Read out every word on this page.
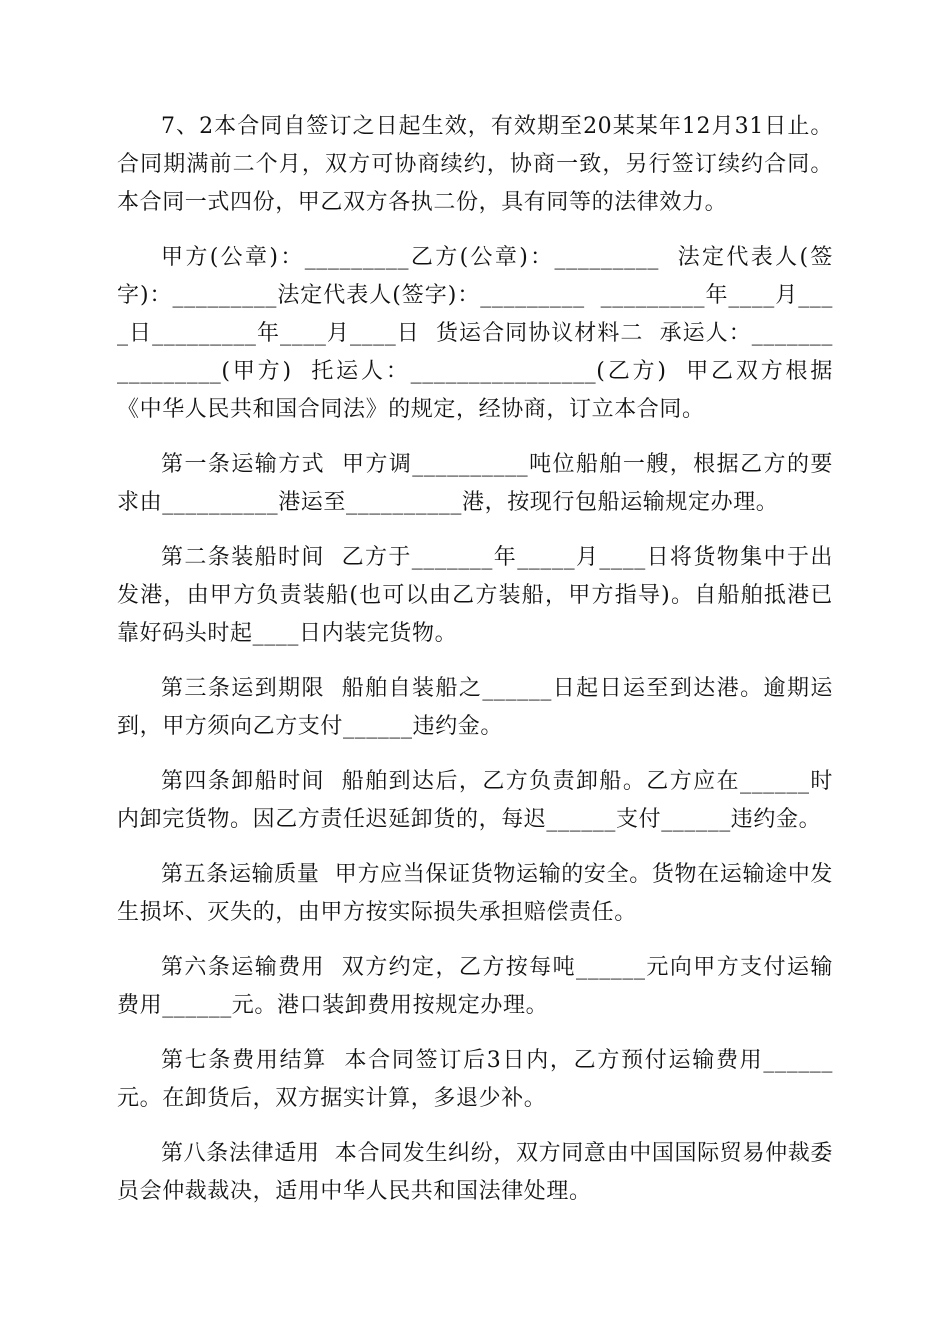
7、2本合同自签订之日起生效，有效期至20某某年12月31日止。合同期满前二个月，双方可协商续约，协商一致，另行签订续约合同。本合同一式四份，甲乙双方各执二份，具有同等的法律效力。

甲方(公章)：_________乙方(公章)：_________  法定代表人(签字)：_________法定代表人(签字)：_________  _________年____月____日_________年____月____日  货运合同协议材料二  承运人：________________(甲方)  托运人：________________(乙方)  甲乙双方根据《中华人民共和国合同法》的规定，经协商，订立本合同。

第一条运输方式  甲方调__________吨位船舶一艘，根据乙方的要求由__________港运至__________港，按现行包船运输规定办理。

第二条装船时间  乙方于_______年_____月____日将货物集中于出发港，由甲方负责装船(也可以由乙方装船，甲方指导)。自船舶抵港已靠好码头时起____日内装完货物。

第三条运到期限  船舶自装船之______日起日运至到达港。逾期运到，甲方须向乙方支付______违约金。

第四条卸船时间  船舶到达后，乙方负责卸船。乙方应在______时内卸完货物。因乙方责任迟延卸货的，每迟______支付______违约金。

第五条运输质量  甲方应当保证货物运输的安全。货物在运输途中发生损坏、灭失的，由甲方按实际损失承担赔偿责任。

第六条运输费用  双方约定，乙方按每吨______元向甲方支付运输费用______元。港口装卸费用按规定办理。

第七条费用结算  本合同签订后3日内，乙方预付运输费用______元。在卸货后，双方据实计算，多退少补。

第八条法律适用  本合同发生纠纷，双方同意由中国国际贸易仲裁委员会仲裁裁决，适用中华人民共和国法律处理。
